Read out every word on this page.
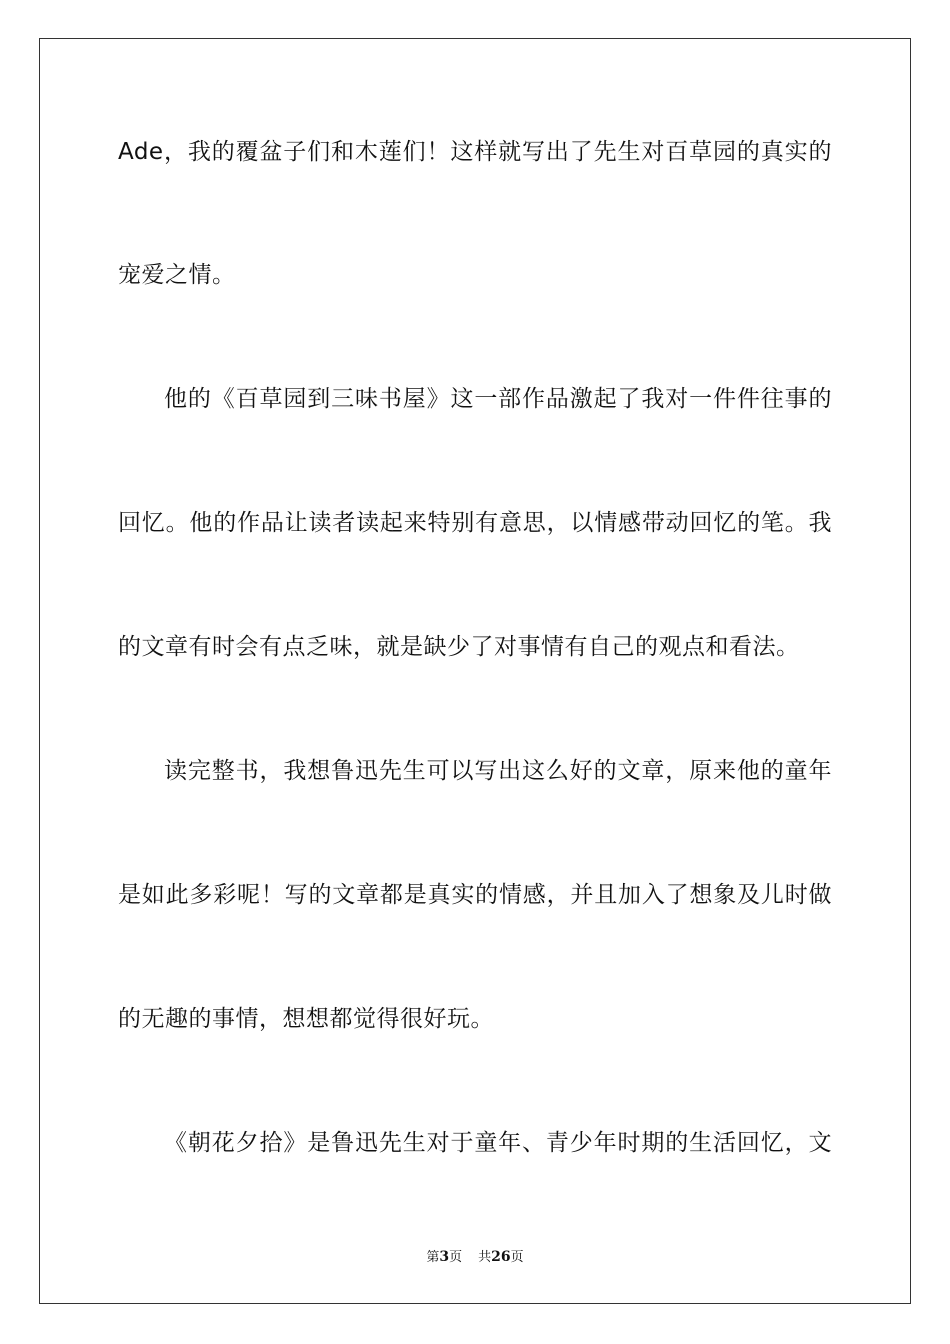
Ade，我的覆盆子们和木莲们！这样就写出了先生对百草园的真实的
宠爱之情。
他的《百草园到三味书屋》这一部作品激起了我对一件件往事的
回忆。他的作品让读者读起来特别有意思，以情感带动回忆的笔。我
的文章有时会有点乏味，就是缺少了对事情有自己的观点和看法。
读完整书，我想鲁迅先生可以写出这么好的文章，原来他的童年
是如此多彩呢！写的文章都是真实的情感，并且加入了想象及儿时做
的无趣的事情，想想都觉得很好玩。
《朝花夕拾》是鲁迅先生对于童年、青少年时期的生活回忆，文
第3页 共26页
